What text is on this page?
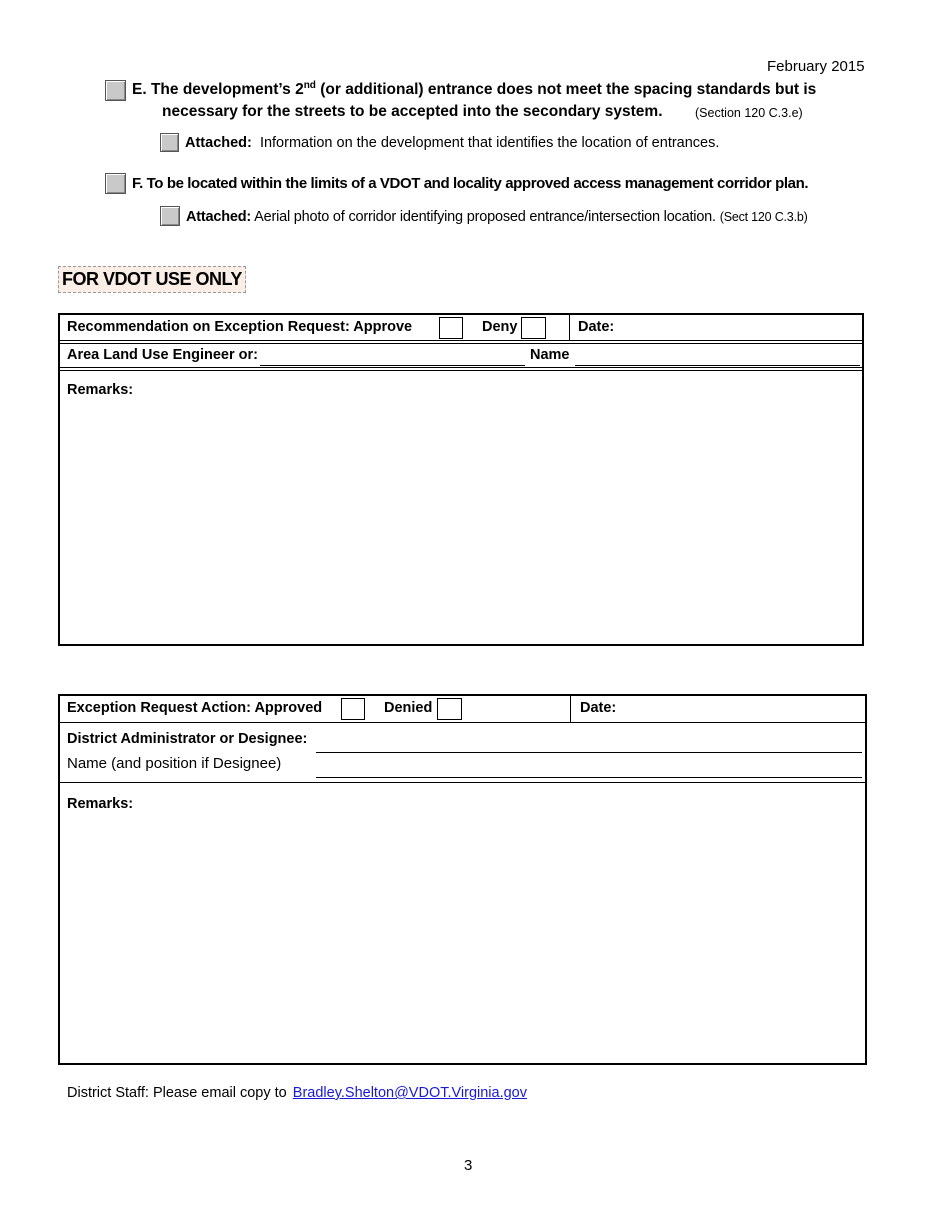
February 2015
E. The development’s 2nd (or additional) entrance does not meet the spacing standards but is
necessary for the streets to be accepted into the secondary system.	(Section 120 C.3.e)
Attached: Information on the development that identifies the location of entrances.
F. To be located within the limits of a VDOT and locality approved access management corridor plan.
Attached: Aerial photo of corridor identifying proposed entrance/intersection location. (Sect 120 C.3.b)
FOR VDOT USE ONLY
Recommendation on Exception Request: Approve	Deny	Date:
Area Land Use Engineer or:	Name
Remarks:
Exception Request Action: Approved	Denied	Date:
District Administrator or Designee:
Name (and position if Designee)
Remarks:
District Staff: Please email copy to Bradley.Shelton@VDOT.Virginia.gov
3
